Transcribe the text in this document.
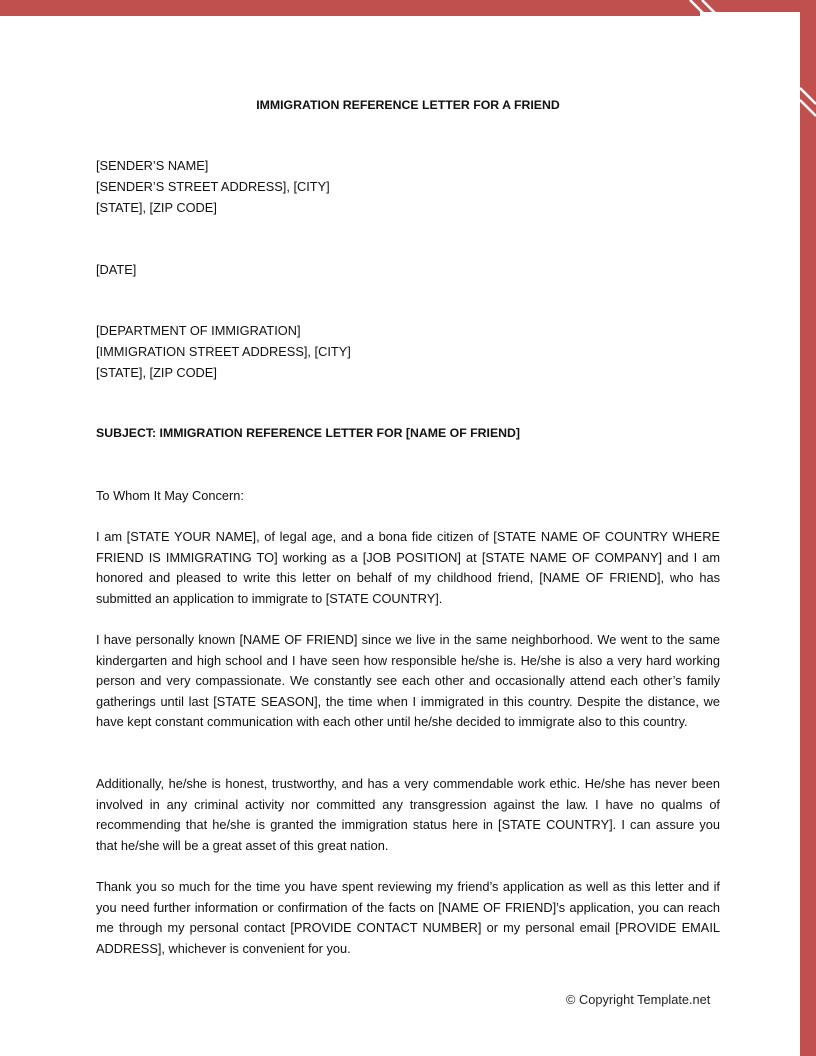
IMMIGRATION REFERENCE LETTER FOR A FRIEND
[SENDER’S NAME]
[SENDER’S STREET ADDRESS], [CITY]
[STATE], [ZIP CODE]
[DATE]
[DEPARTMENT OF IMMIGRATION]
[IMMIGRATION STREET ADDRESS], [CITY]
[STATE], [ZIP CODE]
SUBJECT: IMMIGRATION REFERENCE LETTER FOR [NAME OF FRIEND]
To Whom It May Concern:
I am [STATE YOUR NAME], of legal age, and a bona fide citizen of [STATE NAME OF COUNTRY WHERE FRIEND IS IMMIGRATING TO] working as a [JOB POSITION] at [STATE NAME OF COMPANY] and I am honored and pleased to write this letter on behalf of my childhood friend, [NAME OF FRIEND], who has submitted an application to immigrate to [STATE COUNTRY].
I have personally known [NAME OF FRIEND] since we live in the same neighborhood. We went to the same kindergarten and high school and I have seen how responsible he/she is. He/she is also a very hard working person and very compassionate. We constantly see each other and occasionally attend each other’s family gatherings until last [STATE SEASON], the time when I immigrated in this country. Despite the distance, we have kept constant communication with each other until he/she decided to immigrate also to this country.
Additionally, he/she is honest, trustworthy, and has a very commendable work ethic. He/she has never been involved in any criminal activity nor committed any transgression against the law. I have no qualms of recommending that he/she is granted the immigration status here in [STATE COUNTRY]. I can assure you that he/she will be a great asset of this great nation.
Thank you so much for the time you have spent reviewing my friend’s application as well as this letter and if you need further information or confirmation of the facts on [NAME OF FRIEND]’s application, you can reach me through my personal contact [PROVIDE CONTACT NUMBER] or my personal email [PROVIDE EMAIL ADDRESS], whichever is convenient for you.
© Copyright Template.net
